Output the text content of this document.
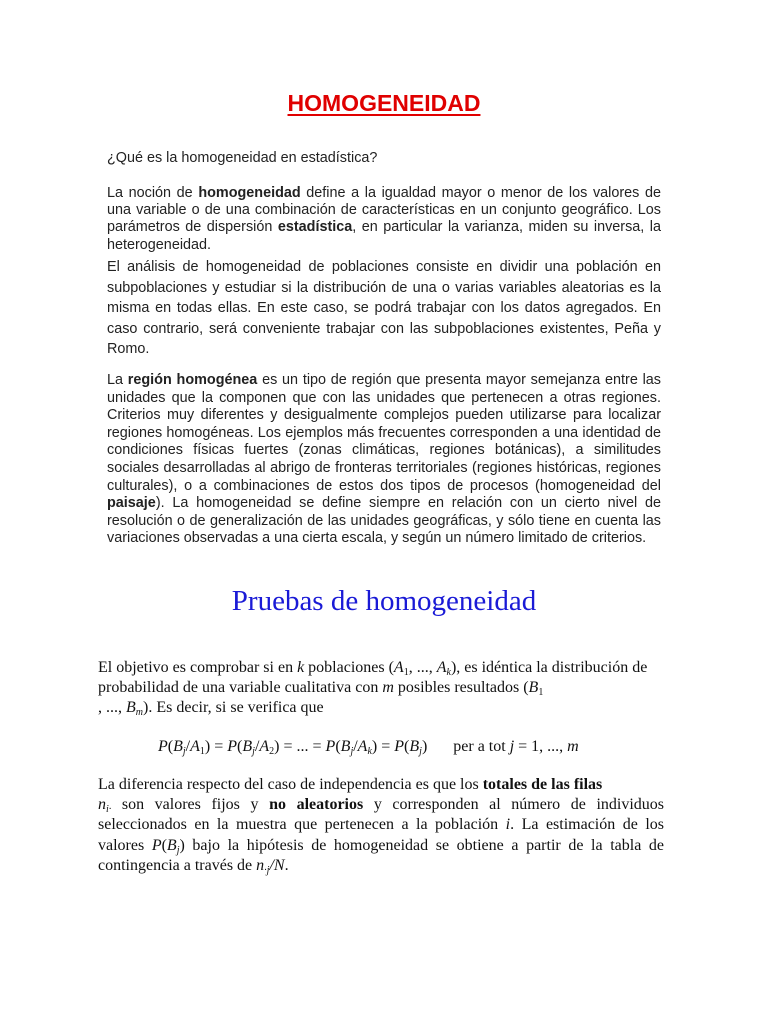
HOMOGENEIDAD
¿Qué es la homogeneidad en estadística?
La noción de homogeneidad define a la igualdad mayor o menor de los valores de una variable o de una combinación de características en un conjunto geográfico. Los parámetros de dispersión estadística, en particular la varianza, miden su inversa, la heterogeneidad.
El análisis de homogeneidad de poblaciones consiste en dividir una población en subpoblaciones y estudiar si la distribución de una o varias variables aleatorias es la misma en todas ellas. En este caso, se podrá trabajar con los datos agregados. En caso contrario, será conveniente trabajar con las subpoblaciones existentes, Peña y Romo.
La región homogénea es un tipo de región que presenta mayor semejanza entre las unidades que la componen que con las unidades que pertenecen a otras regiones. Criterios muy diferentes y desigualmente complejos pueden utilizarse para localizar regiones homogéneas. Los ejemplos más frecuentes corresponden a una identidad de condiciones físicas fuertes (zonas climáticas, regiones botánicas), a similitudes sociales desarrolladas al abrigo de fronteras territoriales (regiones históricas, regiones culturales), o a combinaciones de estos dos tipos de procesos (homogeneidad del paisaje). La homogeneidad se define siempre en relación con un cierto nivel de resolución o de generalización de las unidades geográficas, y sólo tiene en cuenta las variaciones observadas a una cierta escala, y según un número limitado de criterios.
Pruebas de homogeneidad
El objetivo es comprobar si en k poblaciones ($A_1$, ..., $A_k$), es idéntica la distribución de probabilidad de una variable cualitativa con m posibles resultados ($B_1$
, ..., $B_m$). Es decir, si se verifica que
$P(B_j/A_1) = P(B_j/A_2)$ = ... = $P(B_j/A_k) = P(B_j)$ per a tot j = 1, ..., m
La diferencia respecto del caso de independencia es que los totales de las filas
$n_{i\cdot}$ son valores fijos y no aleatorios y corresponden al número de individuos seleccionados en la muestra que pertenecen a la población i. La estimación de los valores $P(B_j)$ bajo la hipótesis de homogeneidad se obtiene a partir de la tabla de contingencia a través de $n_{\cdot j}/N$.
